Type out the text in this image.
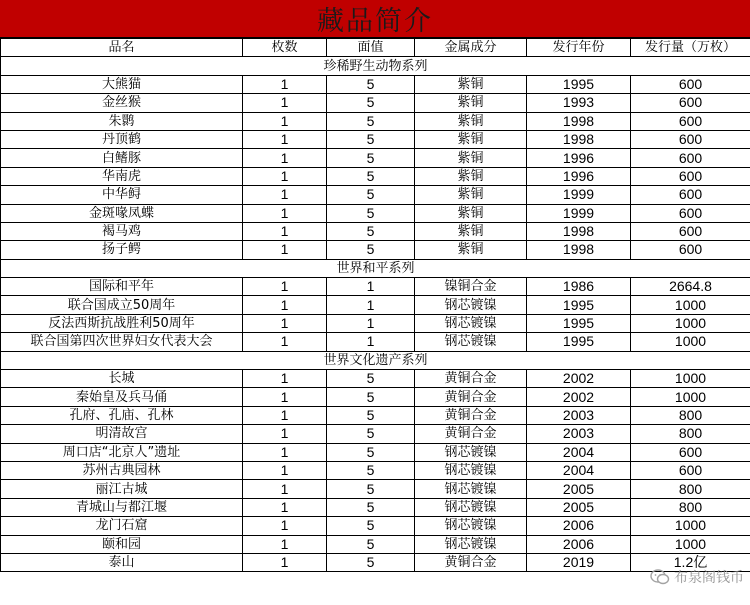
藏品简介
品名	枚数	面值	金属成分	发行年份	发行量（万枚）
珍稀野生动物系列					
大熊猫	1	5	紫铜	1995	600
金丝猴	1	5	紫铜	1993	600
朱鹮	1	5	紫铜	1998	600
丹顶鹤	1	5	紫铜	1998	600
白鳍豚	1	5	紫铜	1996	600
华南虎	1	5	紫铜	1996	600
中华鲟	1	5	紫铜	1999	600
金斑喙凤蝶	1	5	紫铜	1999	600
褐马鸡	1	5	紫铜	1998	600
扬子鳄	1	5	紫铜	1998	600
世界和平系列					
国际和平年	1	1	镍铜合金	1986	2664.8
联合国成立50周年	1	1	钢芯镀镍	1995	1000
反法西斯抗战胜利50周年	1	1	钢芯镀镍	1995	1000
联合国第四次世界妇女代表大会	1	1	钢芯镀镍	1995	1000
世界文化遗产系列					
长城	1	5	黄铜合金	2002	1000
秦始皇及兵马俑	1	5	黄铜合金	2002	1000
孔府、孔庙、孔林	1	5	黄铜合金	2003	800
明清故宫	1	5	黄铜合金	2003	800
周口店“北京人”遗址	1	5	钢芯镀镍	2004	600
苏州古典园林	1	5	钢芯镀镍	2004	600
丽江古城	1	5	钢芯镀镍	2005	800
青城山与都江堰	1	5	钢芯镀镍	2005	800
龙门石窟	1	5	钢芯镀镍	2006	1000
颐和园	1	5	钢芯镀镍	2006	1000
泰山	1	5	黄铜合金	2019	1.2亿
布泉阁钱币
